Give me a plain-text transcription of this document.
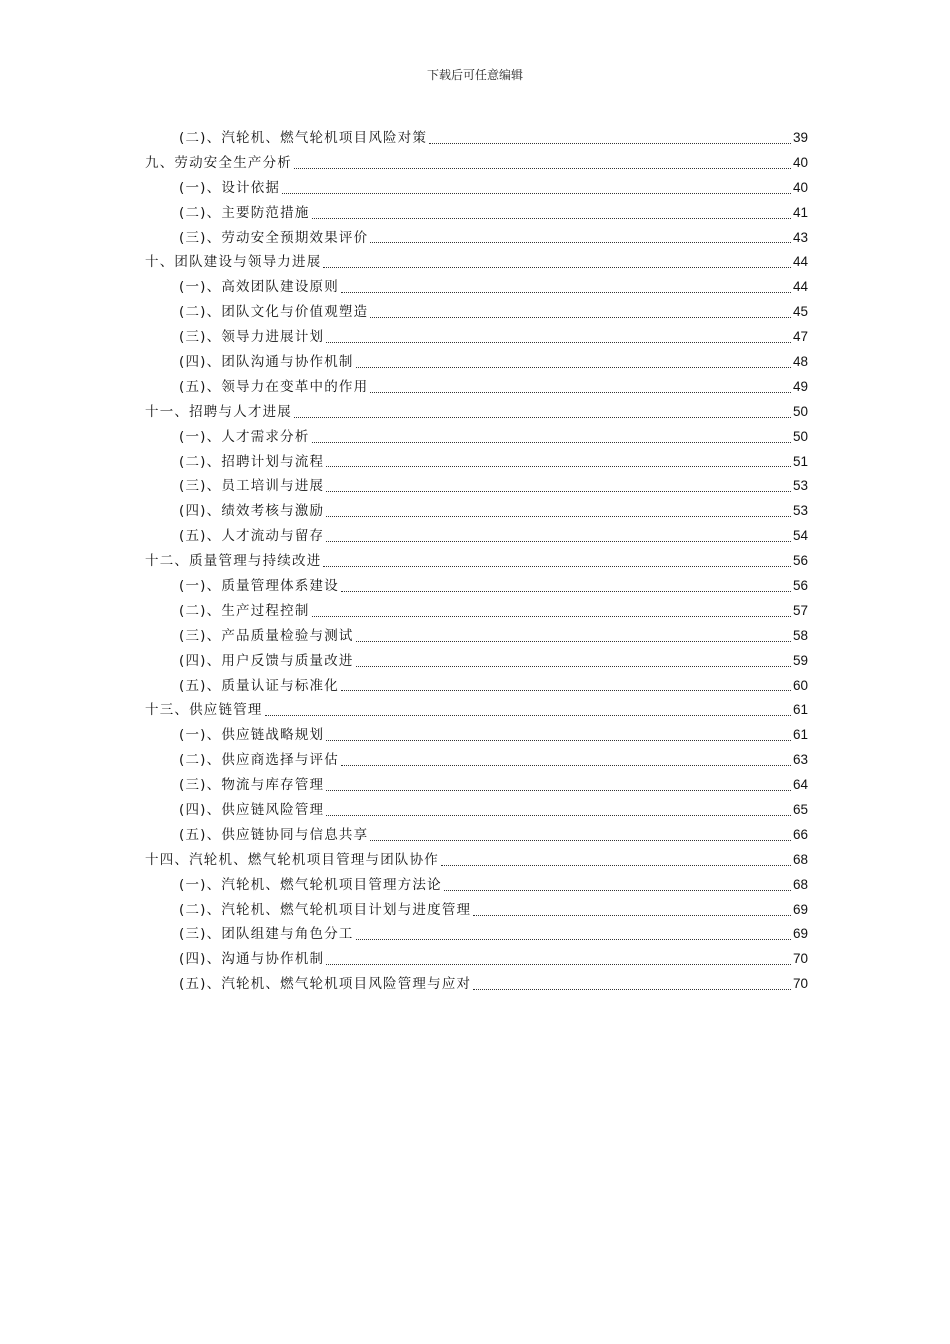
下载后可任意编辑
(二)、汽轮机、燃气轮机项目风险对策	39
九、劳动安全生产分析	40
(一)、设计依据	40
(二)、主要防范措施	41
(三)、劳动安全预期效果评价	43
十、团队建设与领导力进展	44
(一)、高效团队建设原则	44
(二)、团队文化与价值观塑造	45
(三)、领导力进展计划	47
(四)、团队沟通与协作机制	48
(五)、领导力在变革中的作用	49
十一、招聘与人才进展	50
(一)、人才需求分析	50
(二)、招聘计划与流程	51
(三)、员工培训与进展	53
(四)、绩效考核与激励	53
(五)、人才流动与留存	54
十二、质量管理与持续改进	56
(一)、质量管理体系建设	56
(二)、生产过程控制	57
(三)、产品质量检验与测试	58
(四)、用户反馈与质量改进	59
(五)、质量认证与标准化	60
十三、供应链管理	61
(一)、供应链战略规划	61
(二)、供应商选择与评估	63
(三)、物流与库存管理	64
(四)、供应链风险管理	65
(五)、供应链协同与信息共享	66
十四、汽轮机、燃气轮机项目管理与团队协作	68
(一)、汽轮机、燃气轮机项目管理方法论	68
(二)、汽轮机、燃气轮机项目计划与进度管理	69
(三)、团队组建与角色分工	69
(四)、沟通与协作机制	70
(五)、汽轮机、燃气轮机项目风险管理与应对	70
